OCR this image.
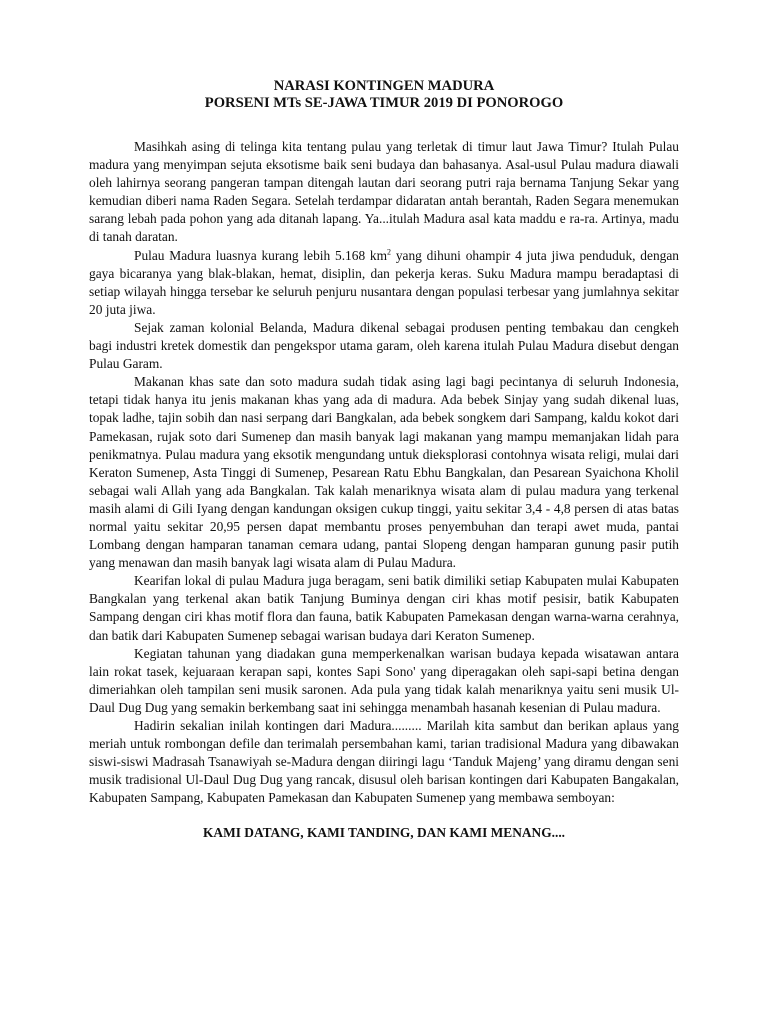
NARASI KONTINGEN MADURA

PORSENI MTs SE-JAWA TIMUR 2019 DI PONOROGO

Masihkah asing di telinga kita tentang pulau yang terletak di timur laut Jawa Timur? Itulah Pulau madura yang menyimpan sejuta eksotisme baik seni budaya dan bahasanya. Asal-usul Pulau madura diawali oleh lahirnya seorang pangeran tampan ditengah lautan dari seorang putri raja bernama Tanjung Sekar yang kemudian diberi nama Raden Segara. Setelah terdampar didaratan antah berantah, Raden Segara menemukan sarang lebah pada pohon yang ada ditanah lapang. Ya...itulah Madura asal kata maddu e ra-ra. Artinya, madu di tanah daratan.

Pulau Madura luasnya kurang lebih 5.168 $km^2$ yang dihuni ohampir 4 juta jiwa penduduk, dengan gaya bicaranya yang blak-blakan, hemat, disiplin, dan pekerja keras. Suku Madura mampu beradaptasi di setiap wilayah hingga tersebar ke seluruh penjuru nusantara dengan populasi terbesar yang jumlahnya sekitar 20 juta jiwa.

Sejak zaman kolonial Belanda, Madura dikenal sebagai produsen penting tembakau dan cengkeh bagi industri kretek domestik dan pengekspor utama garam, oleh karena itulah Pulau Madura disebut dengan Pulau Garam.

Makanan khas sate dan soto madura sudah tidak asing lagi bagi pecintanya di seluruh Indonesia, tetapi tidak hanya itu jenis makanan khas yang ada di madura. Ada bebek Sinjay yang sudah dikenal luas, topak ladhe, tajin sobih dan nasi serpang dari Bangkalan, ada bebek songkem dari Sampang, kaldu kokot dari Pamekasan, rujak soto dari Sumenep dan masih banyak lagi makanan yang mampu memanjakan lidah para penikmatnya. Pulau madura yang eksotik mengundang untuk dieksplorasi contohnya wisata religi, mulai dari Keraton Sumenep, Asta Tinggi di Sumenep, Pesarean Ratu Ebhu Bangkalan, dan Pesarean Syaichona Kholil sebagai wali Allah yang ada Bangkalan. Tak kalah menariknya wisata alam di pulau madura yang terkenal masih alami di Gili Iyang dengan kandungan oksigen cukup tinggi, yaitu sekitar 3,4 - 4,8 persen di atas batas normal yaitu sekitar 20,95 persen dapat membantu proses penyembuhan dan terapi awet muda, pantai Lombang dengan hamparan tanaman cemara udang, pantai Slopeng dengan hamparan gunung pasir putih yang menawan dan masih banyak lagi wisata alam di Pulau Madura.

Kearifan lokal di pulau Madura juga beragam, seni batik dimiliki setiap Kabupaten mulai Kabupaten Bangkalan yang terkenal akan batik Tanjung Buminya dengan ciri khas motif pesisir, batik Kabupaten Sampang dengan ciri khas motif flora dan fauna, batik Kabupaten Pamekasan dengan warna-warna cerahnya, dan batik dari Kabupaten Sumenep sebagai warisan budaya dari Keraton Sumenep.

Kegiatan tahunan yang diadakan guna memperkenalkan warisan budaya kepada wisatawan antara lain rokat tasek, kejuaraan kerapan sapi, kontes Sapi Sono' yang diperagakan oleh sapi-sapi betina dengan dimeriahkan oleh tampilan seni musik saronen. Ada pula yang tidak kalah menariknya yaitu seni musik Ul-Daul Dug Dug yang semakin berkembang saat ini sehingga menambah hasanah kesenian di Pulau madura.

Hadirin sekalian inilah kontingen dari Madura......... Marilah kita sambut dan berikan aplaus yang meriah untuk rombongan defile dan terimalah persembahan kami, tarian tradisional Madura yang dibawakan siswi-siswi Madrasah Tsanawiyah se-Madura dengan diiringi lagu ‘Tanduk Majeng’ yang diramu dengan seni musik tradisional Ul-Daul Dug Dug yang rancak, disusul oleh barisan kontingen dari Kabupaten Bangakalan, Kabupaten Sampang, Kabupaten Pamekasan dan Kabupaten Sumenep yang membawa semboyan:

KAMI DATANG, KAMI TANDING, DAN KAMI MENANG....
